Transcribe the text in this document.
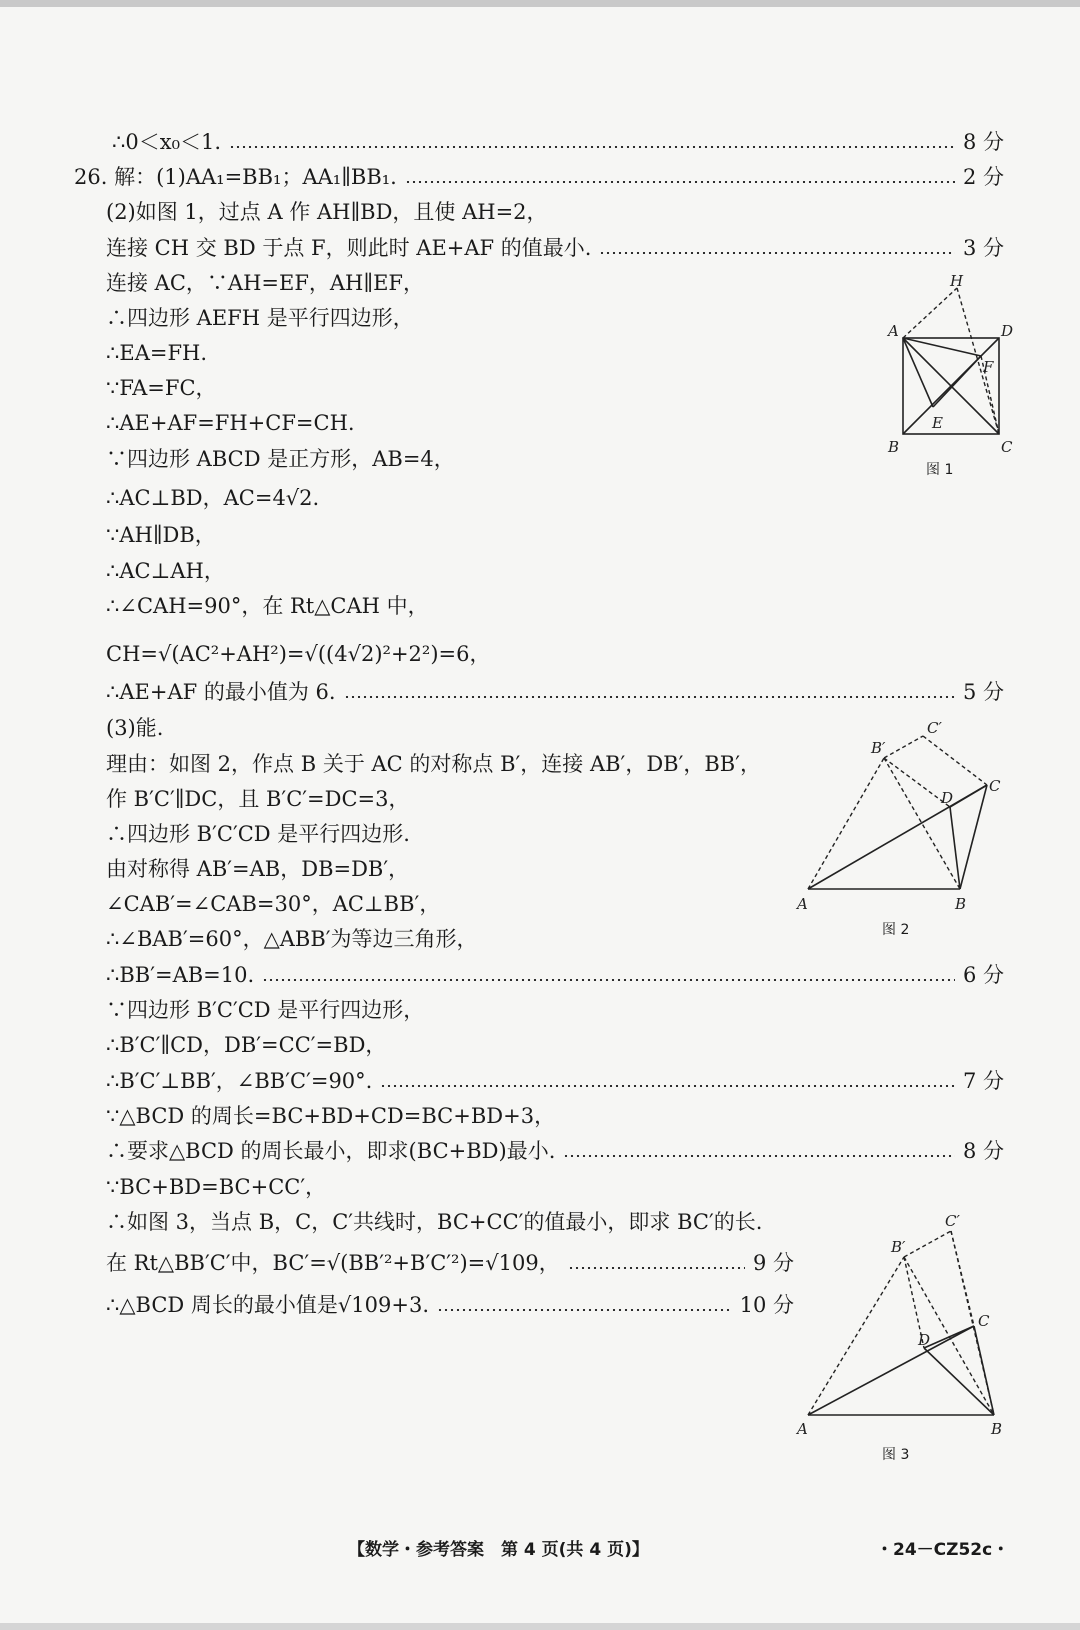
∴0＜x₀＜1.	8 分
26. 解：(1)AA₁=BB₁；AA₁∥BB₁.	2 分
(2)如图 1，过点 A 作 AH∥BD，且使 AH=2，
连接 CH 交 BD 于点 F，则此时 AE+AF 的值最小.	3 分
连接 AC，∵AH=EF，AH∥EF，
∴四边形 AEFH 是平行四边形，
∴EA=FH.
∵FA=FC，
∴AE+AF=FH+CF=CH.
∵四边形 ABCD 是正方形，AB=4，
∴AC⊥BD，AC=4√2.
∵AH∥DB，
∴AC⊥AH，
∴∠CAH=90°，在 Rt△CAH 中，
CH=√(AC²+AH²)=√((4√2)²+2²)=6，
∴AE+AF 的最小值为 6.	5 分
(3)能.
理由：如图 2，作点 B 关于 AC 的对称点 B′，连接 AB′，DB′，BB′，
作 B′C′∥DC，且 B′C′=DC=3，
∴四边形 B′C′CD 是平行四边形.
由对称得 AB′=AB，DB=DB′，
∠CAB′=∠CAB=30°，AC⊥BB′，
∴∠BAB′=60°，△ABB′为等边三角形，
∴BB′=AB=10.	6 分
∵四边形 B′C′CD 是平行四边形，
∴B′C′∥CD，DB′=CC′=BD，
∴B′C′⊥BB′，∠BB′C′=90°.	7 分
∵△BCD 的周长=BC+BD+CD=BC+BD+3，
∴要求△BCD 的周长最小，即求(BC+BD)最小.	8 分
∵BC+BD=BC+CC′，
∴如图 3，当点 B，C，C′共线时，BC+CC′的值最小，即求 BC′的长.
在 Rt△BB′C′中，BC′=√(BB′²+B′C′²)=√109，	9 分
∴△BCD 周长的最小值是√109+3.	10 分
H
A	D
F
E
B	C
图 1
C′
B′
C
D
A	B
图 2
C′
B′
C
D
A	B
图 3
【数学・参考答案　第 4 页(共 4 页)】	・24－CZ52c・
